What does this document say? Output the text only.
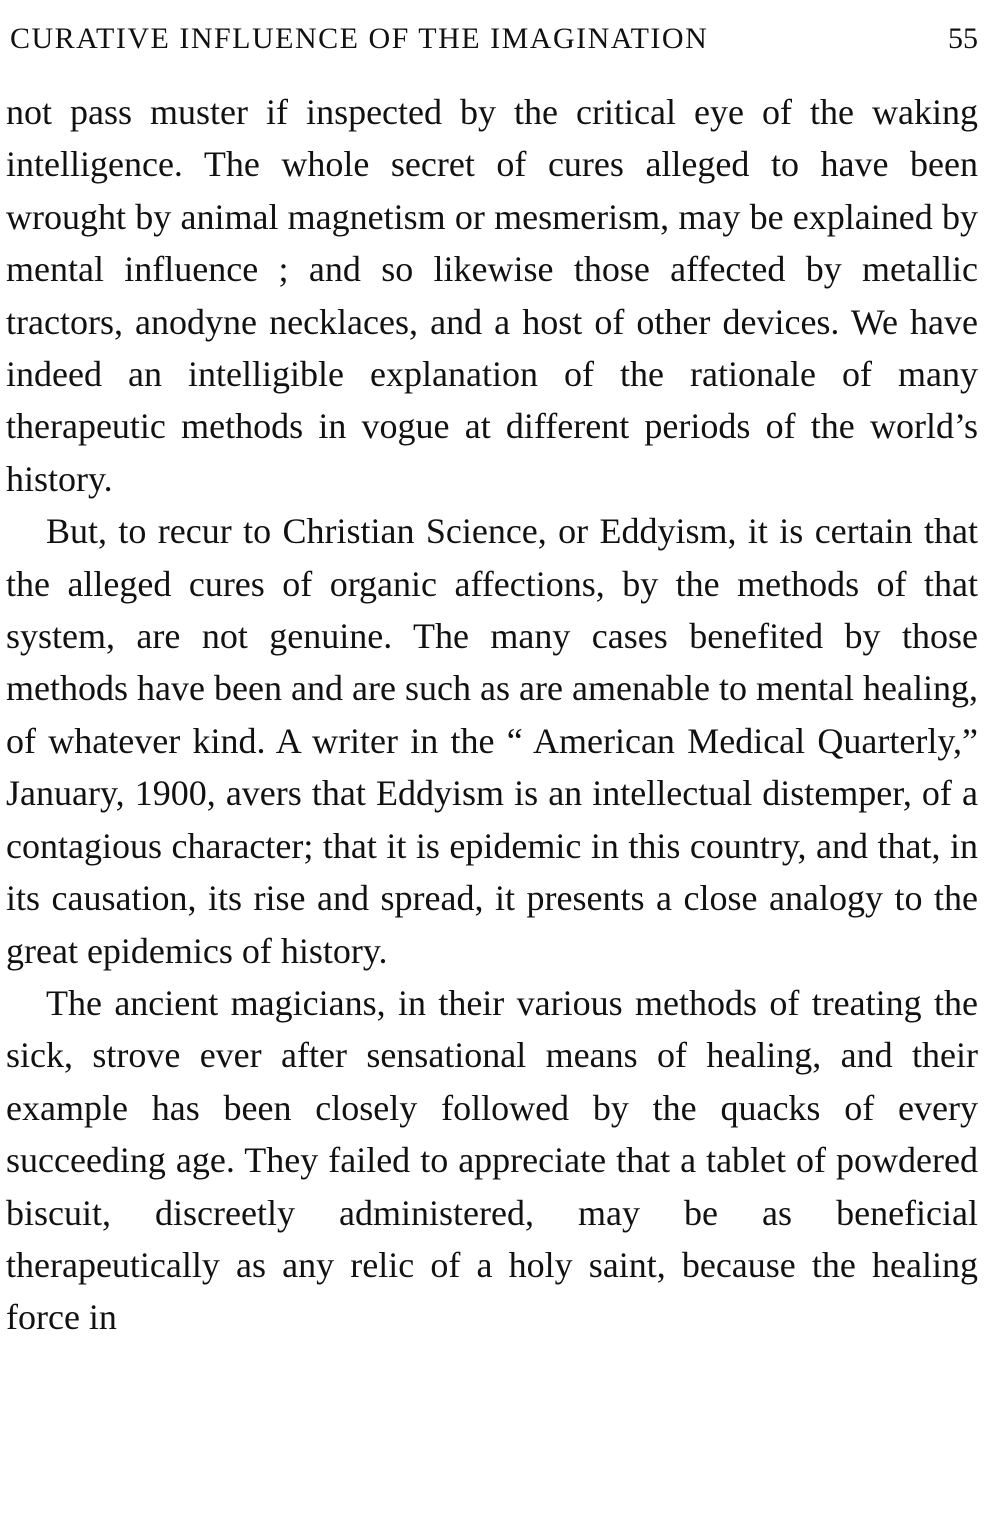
CURATIVE INFLUENCE OF THE IMAGINATION	55

not pass muster if inspected by the critical eye of the waking intelligence. The whole secret of cures alleged to have been wrought by animal magnetism or mesmerism, may be explained by mental influence ; and so likewise those affected by metallic tractors, anodyne necklaces, and a host of other devices. We have indeed an intelligible explanation of the rationale of many therapeutic methods in vogue at different periods of the world’s history.

But, to recur to Christian Science, or Eddyism, it is certain that the alleged cures of organic affections, by the methods of that system, are not genuine. The many cases benefited by those methods have been and are such as are amenable to mental healing, of whatever kind. A writer in the “ American Medical Quarterly,” January, 1900, avers that Eddyism is an intellectual distemper, of a contagious character; that it is epidemic in this country, and that, in its causation, its rise and spread, it presents a close analogy to the great epidemics of history.

The ancient magicians, in their various methods of treating the sick, strove ever after sensational means of healing, and their example has been closely followed by the quacks of every succeeding age. They failed to appreciate that a tablet of powdered biscuit, discreetly administered, may be as beneficial therapeutically as any relic of a holy saint, because the healing force in
